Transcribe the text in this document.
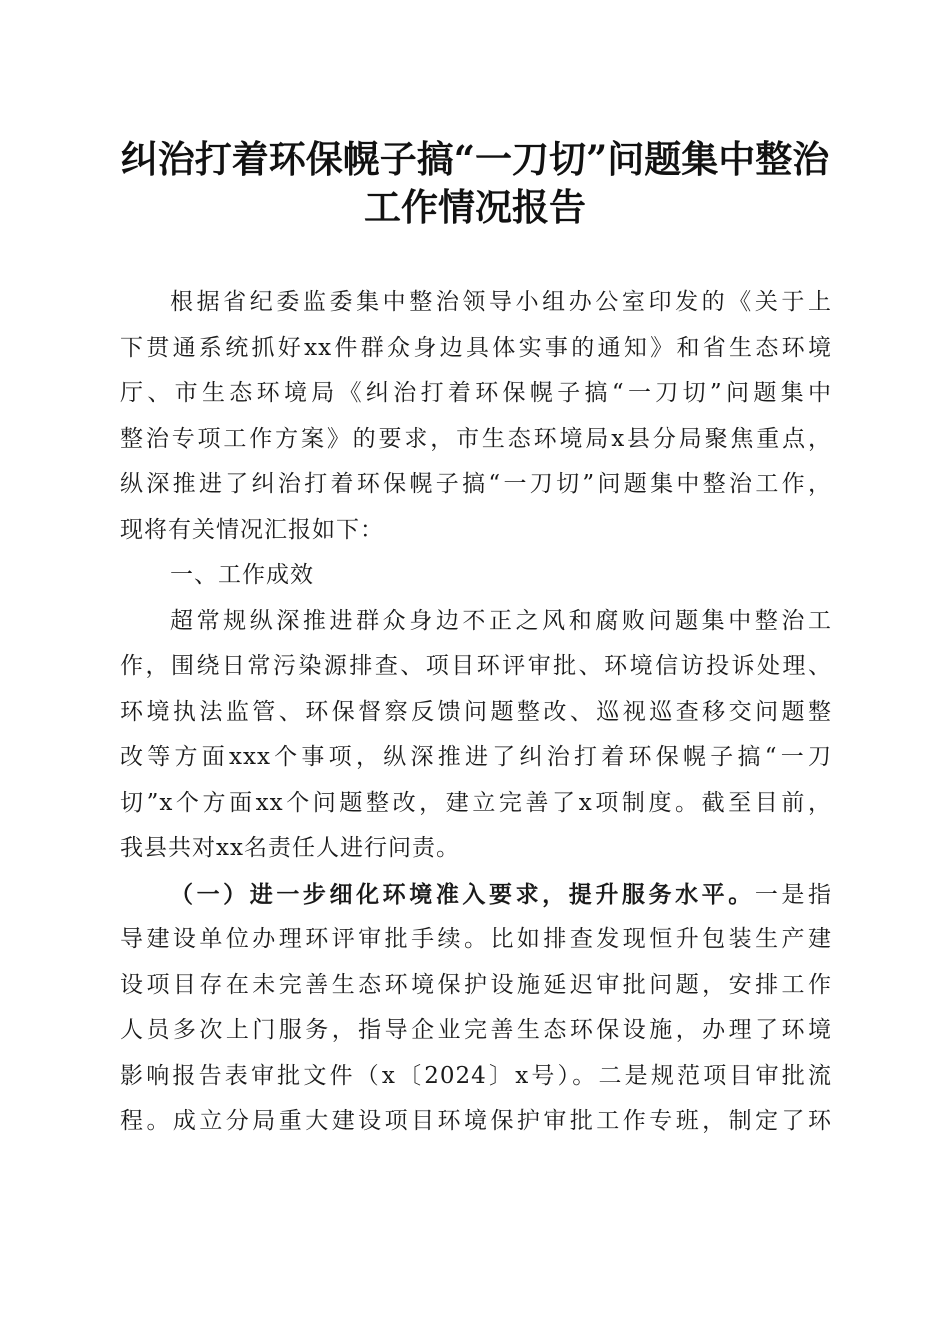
纠治打着环保幌子搞“一刀切”问题集中整治
工作情况报告
根据省纪委监委集中整治领导小组办公室印发的《关于上
下贯通系统抓好xx件群众身边具体实事的通知》和省生态环境
厅、市生态环境局《纠治打着环保幌子搞“一刀切”问题集中
整治专项工作方案》的要求，市生态环境局x县分局聚焦重点，
纵深推进了纠治打着环保幌子搞“一刀切”问题集中整治工作，
现将有关情况汇报如下：
一、工作成效
超常规纵深推进群众身边不正之风和腐败问题集中整治工
作，围绕日常污染源排查、项目环评审批、环境信访投诉处理、
环境执法监管、环保督察反馈问题整改、巡视巡查移交问题整
改等方面xxx个事项，纵深推进了纠治打着环保幌子搞“一刀
切”x个方面xx个问题整改，建立完善了x项制度。截至目前，
我县共对xx名责任人进行问责。
（一）进一步细化环境准入要求，提升服务水平。一是指
导建设单位办理环评审批手续。比如排查发现恒升包装生产建
设项目存在未完善生态环境保护设施延迟审批问题，安排工作
人员多次上门服务，指导企业完善生态环保设施，办理了环境
影响报告表审批文件（x〔2024〕x号）。二是规范项目审批流
程。成立分局重大建设项目环境保护审批工作专班，制定了环
